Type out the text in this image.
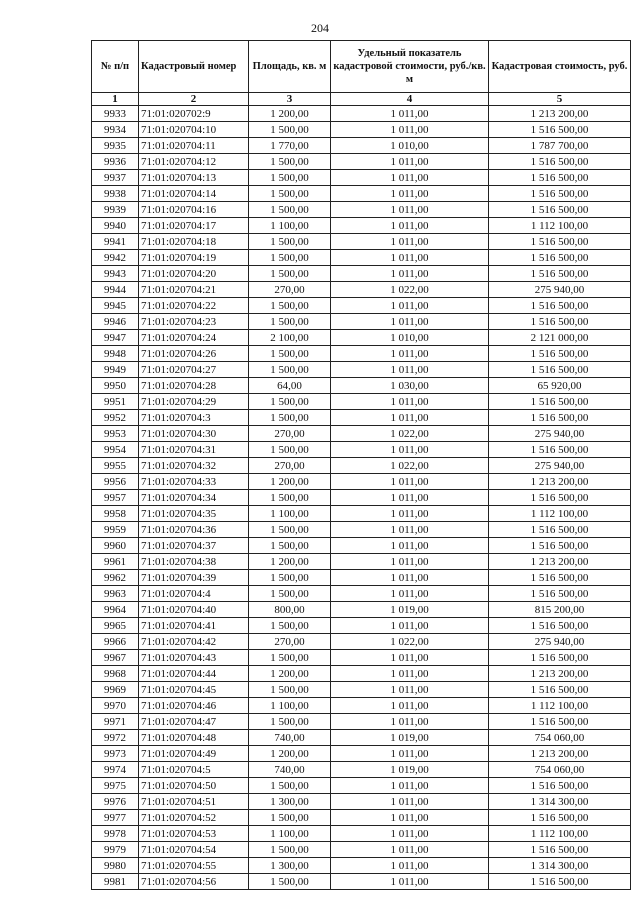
204
№ п/п	Кадастровый номер	Площадь, кв. м	Удельный показатель кадастровой стоимости, руб./кв. м	Кадастровая стоимость, руб.
1	2	3	4	5
9933	71:01:020702:9	1 200,00	1 011,00	1 213 200,00
9934	71:01:020704:10	1 500,00	1 011,00	1 516 500,00
9935	71:01:020704:11	1 770,00	1 010,00	1 787 700,00
9936	71:01:020704:12	1 500,00	1 011,00	1 516 500,00
9937	71:01:020704:13	1 500,00	1 011,00	1 516 500,00
9938	71:01:020704:14	1 500,00	1 011,00	1 516 500,00
9939	71:01:020704:16	1 500,00	1 011,00	1 516 500,00
9940	71:01:020704:17	1 100,00	1 011,00	1 112 100,00
9941	71:01:020704:18	1 500,00	1 011,00	1 516 500,00
9942	71:01:020704:19	1 500,00	1 011,00	1 516 500,00
9943	71:01:020704:20	1 500,00	1 011,00	1 516 500,00
9944	71:01:020704:21	270,00	1 022,00	275 940,00
9945	71:01:020704:22	1 500,00	1 011,00	1 516 500,00
9946	71:01:020704:23	1 500,00	1 011,00	1 516 500,00
9947	71:01:020704:24	2 100,00	1 010,00	2 121 000,00
9948	71:01:020704:26	1 500,00	1 011,00	1 516 500,00
9949	71:01:020704:27	1 500,00	1 011,00	1 516 500,00
9950	71:01:020704:28	64,00	1 030,00	65 920,00
9951	71:01:020704:29	1 500,00	1 011,00	1 516 500,00
9952	71:01:020704:3	1 500,00	1 011,00	1 516 500,00
9953	71:01:020704:30	270,00	1 022,00	275 940,00
9954	71:01:020704:31	1 500,00	1 011,00	1 516 500,00
9955	71:01:020704:32	270,00	1 022,00	275 940,00
9956	71:01:020704:33	1 200,00	1 011,00	1 213 200,00
9957	71:01:020704:34	1 500,00	1 011,00	1 516 500,00
9958	71:01:020704:35	1 100,00	1 011,00	1 112 100,00
9959	71:01:020704:36	1 500,00	1 011,00	1 516 500,00
9960	71:01:020704:37	1 500,00	1 011,00	1 516 500,00
9961	71:01:020704:38	1 200,00	1 011,00	1 213 200,00
9962	71:01:020704:39	1 500,00	1 011,00	1 516 500,00
9963	71:01:020704:4	1 500,00	1 011,00	1 516 500,00
9964	71:01:020704:40	800,00	1 019,00	815 200,00
9965	71:01:020704:41	1 500,00	1 011,00	1 516 500,00
9966	71:01:020704:42	270,00	1 022,00	275 940,00
9967	71:01:020704:43	1 500,00	1 011,00	1 516 500,00
9968	71:01:020704:44	1 200,00	1 011,00	1 213 200,00
9969	71:01:020704:45	1 500,00	1 011,00	1 516 500,00
9970	71:01:020704:46	1 100,00	1 011,00	1 112 100,00
9971	71:01:020704:47	1 500,00	1 011,00	1 516 500,00
9972	71:01:020704:48	740,00	1 019,00	754 060,00
9973	71:01:020704:49	1 200,00	1 011,00	1 213 200,00
9974	71:01:020704:5	740,00	1 019,00	754 060,00
9975	71:01:020704:50	1 500,00	1 011,00	1 516 500,00
9976	71:01:020704:51	1 300,00	1 011,00	1 314 300,00
9977	71:01:020704:52	1 500,00	1 011,00	1 516 500,00
9978	71:01:020704:53	1 100,00	1 011,00	1 112 100,00
9979	71:01:020704:54	1 500,00	1 011,00	1 516 500,00
9980	71:01:020704:55	1 300,00	1 011,00	1 314 300,00
9981	71:01:020704:56	1 500,00	1 011,00	1 516 500,00
